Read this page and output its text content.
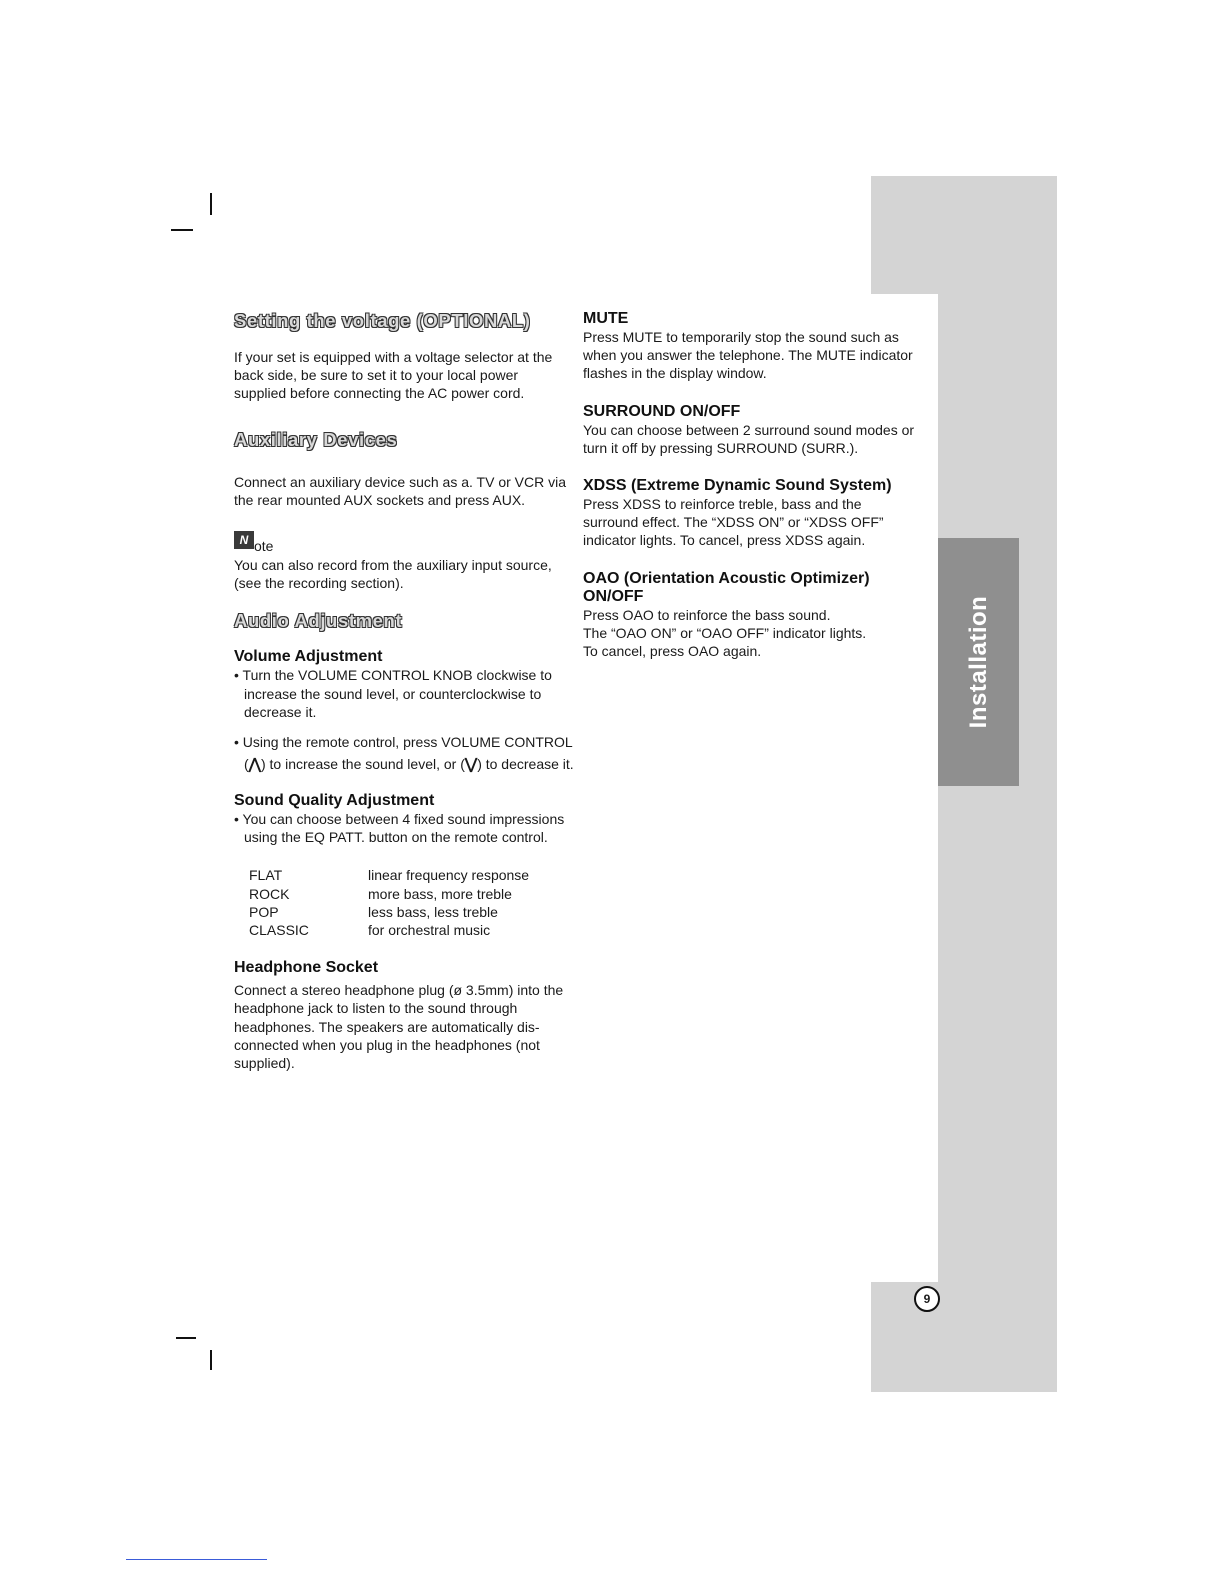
Installation
9
Setting the voltage (OPTIONAL)

If your set is equipped with a voltage selector at the back side, be sure to set it to your local power supplied before connecting the AC power cord.

Auxiliary Devices

Connect an auxiliary device such as a. TV or VCR via the rear mounted AUX sockets and press AUX.

N ote

You can also record from the auxiliary input source, (see the recording section).

Audio Adjustment
Volume Adjustment

• Turn the VOLUME CONTROL KNOB clockwise to increase the sound level, or counterclockwise to decrease it.

• Using the remote control, press VOLUME CONTROL (⋀) to increase the sound level, or (⋁) to decrease it.

Sound Quality Adjustment

• You can choose between 4 fixed sound impressions using the EQ PATT. button on the remote control.

FLAT	linear frequency response
ROCK	more bass, more treble
POP	less bass, less treble
CLASSIC	for orchestral music
Headphone Socket

Connect a stereo headphone plug (ø 3.5mm) into the headphone jack to listen to the sound through headphones. The speakers are automatically dis-connected when you plug in the headphones (not supplied).

MUTE

Press MUTE to temporarily stop the sound such as when you answer the telephone. The MUTE indicator flashes in the display window.

SURROUND ON/OFF

You can choose between 2 surround sound modes or turn it off by pressing SURROUND (SURR.).

XDSS (Extreme Dynamic Sound System)

Press XDSS to reinforce treble, bass and the surround effect. The “XDSS ON” or “XDSS OFF” indicator lights. To cancel, press XDSS again.

OAO (Orientation Acoustic Optimizer)
ON/OFF

Press OAO to reinforce the bass sound.

The “OAO ON” or “OAO OFF” indicator lights.

To cancel, press OAO again.
